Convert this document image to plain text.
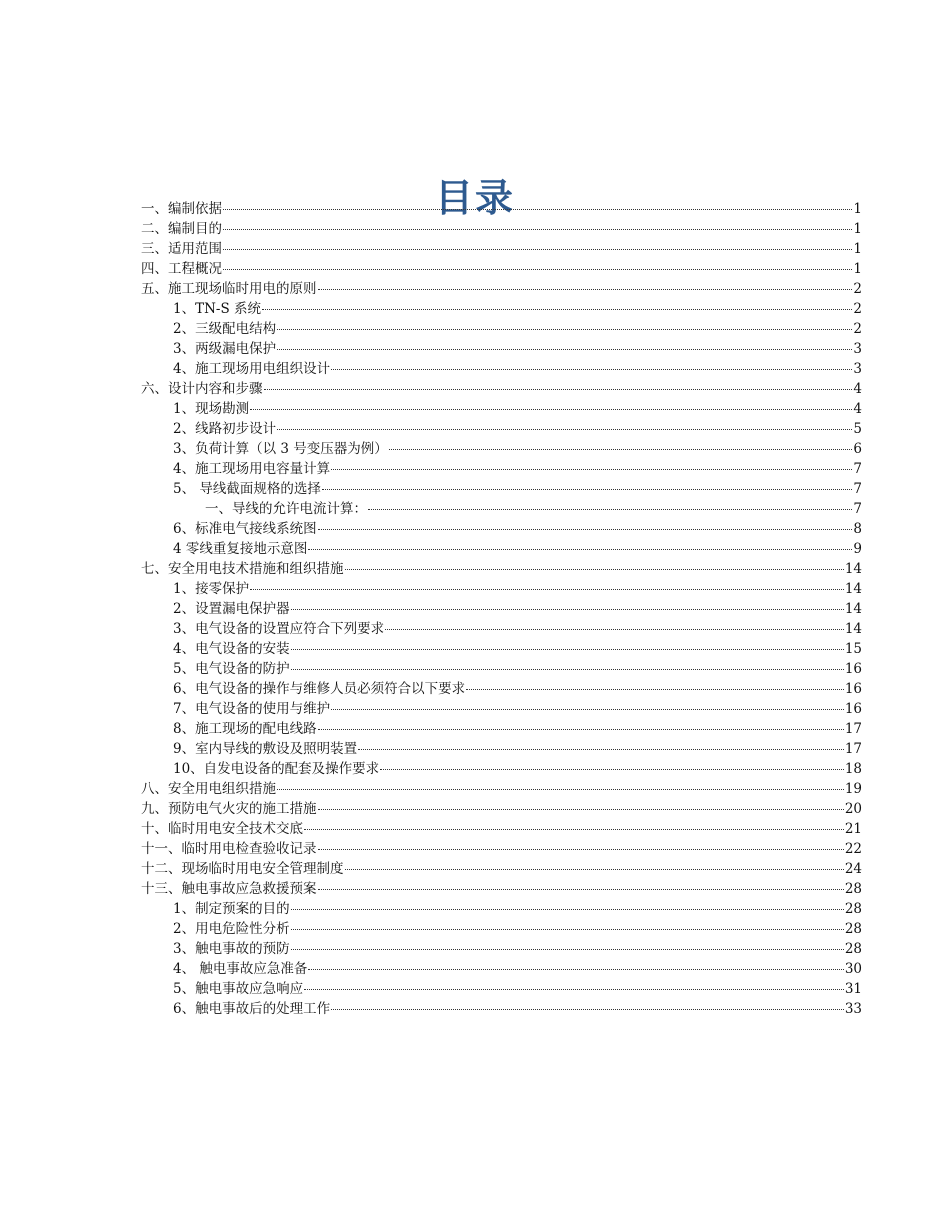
目录
一、编制依据	1
二、编制目的	1
三、适用范围	1
四、工程概况	1
五、施工现场临时用电的原则	2
1、TN-S 系统	2
2、三级配电结构	2
3、两级漏电保护	3
4、施工现场用电组织设计	3
六、设计内容和步骤	4
1、现场勘测	4
2、线路初步设计	5
3、负荷计算（以 3 号变压器为例）	6
4、施工现场用电容量计算	7
5、 导线截面规格的选择	7
一、导线的允许电流计算：	7
6、标准电气接线系统图	8
4 零线重复接地示意图	9
七、安全用电技术措施和组织措施	14
1、接零保护	14
2、设置漏电保护器	14
3、电气设备的设置应符合下列要求	14
4、电气设备的安装	15
5、电气设备的防护	16
6、电气设备的操作与维修人员必须符合以下要求	16
7、电气设备的使用与维护	16
8、施工现场的配电线路	17
9、室内导线的敷设及照明装置	17
10、自发电设备的配套及操作要求	18
八、安全用电组织措施	19
九、预防电气火灾的施工措施	20
十、临时用电安全技术交底	21
十一、临时用电检查验收记录	22
十二、现场临时用电安全管理制度	24
十三、触电事故应急救援预案	28
1、制定预案的目的	28
2、用电危险性分析	28
3、触电事故的预防	28
4、 触电事故应急准备	30
5、触电事故应急响应	31
6、触电事故后的处理工作	33
